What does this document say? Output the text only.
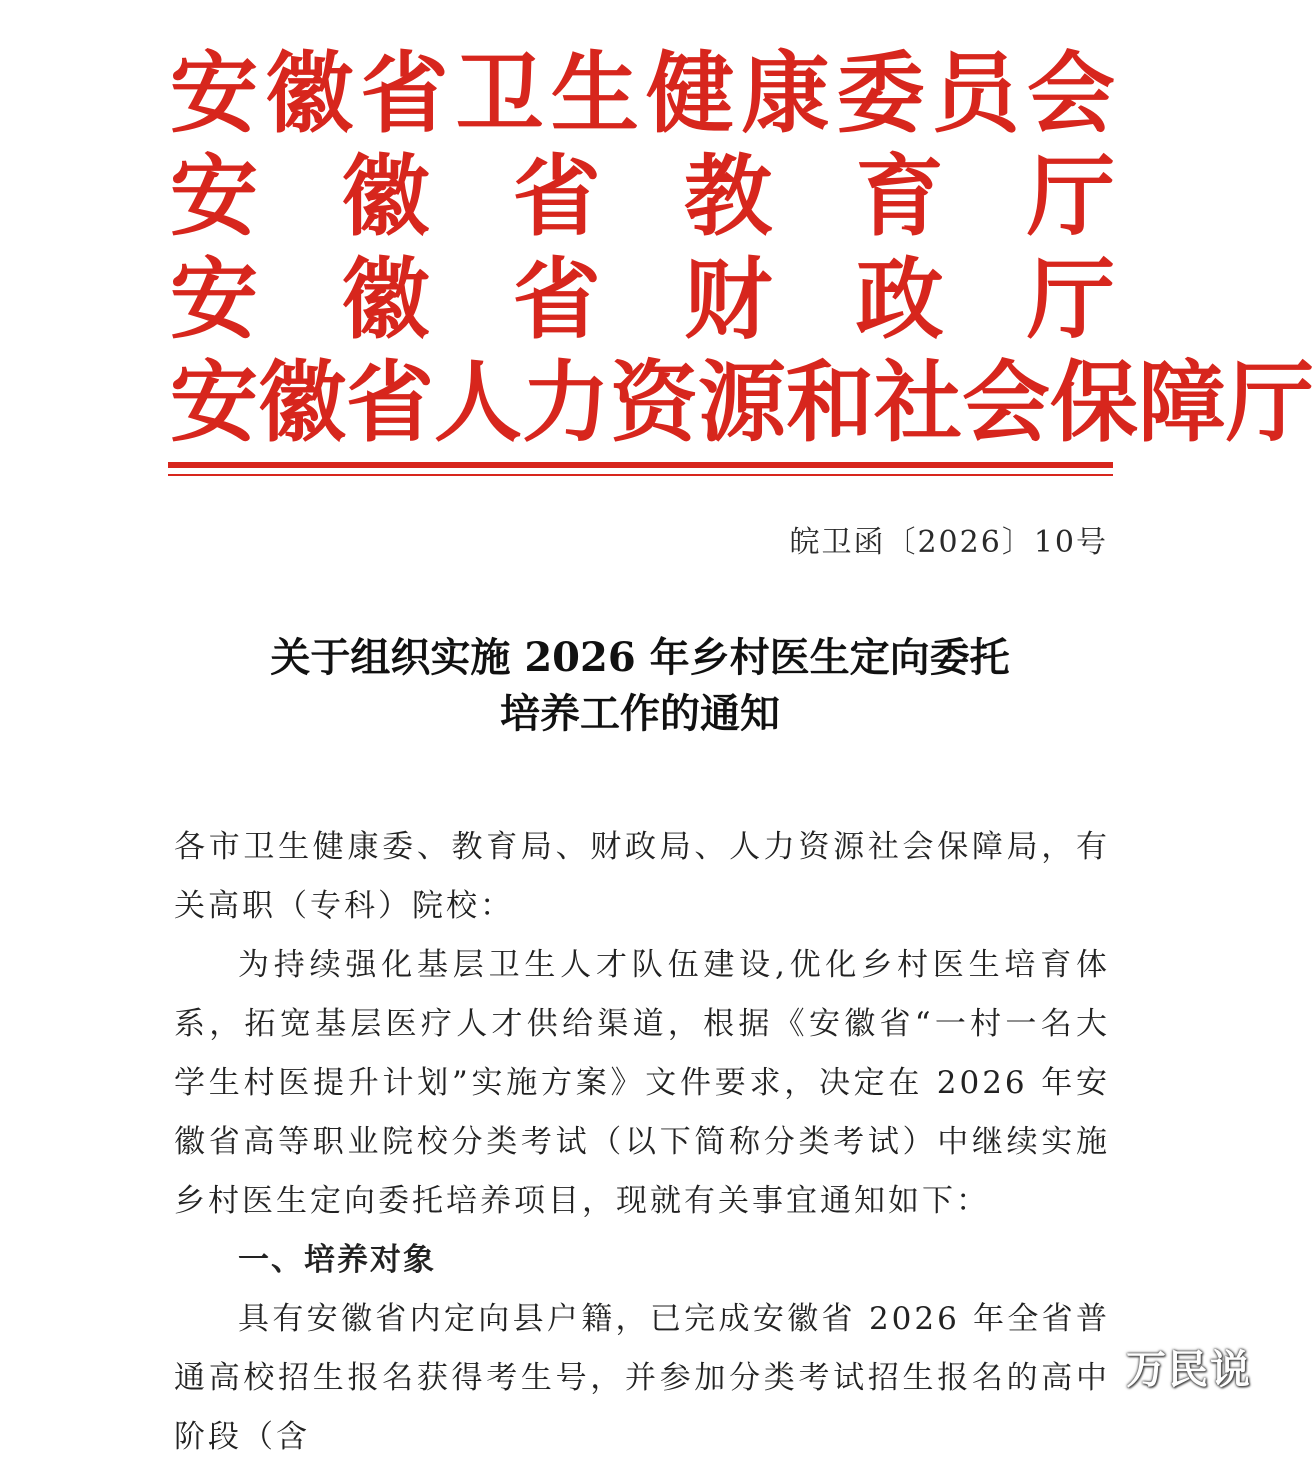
安 徽 省 卫 生 健 康 委 员 会
安 徽 省 教 育 厅
安 徽 省 财 政 厅
安 徽 省 人 力 资 源 和 社 会 保 障 厅
皖卫函〔2026〕10号
关于组织实施 2026 年乡村医生定向委托
培养工作的通知

各市卫生健康委、教育局、财政局、人力资源社会保障局，有关高职（专科）院校：

为持续强化基层卫生人才队伍建设,优化乡村医生培育体系，拓宽基层医疗人才供给渠道，根据《安徽省“一村一名大学生村医提升计划”实施方案》文件要求，决定在 2026 年安徽省高等职业院校分类考试（以下简称分类考试）中继续实施乡村医生定向委托培养项目，现就有关事宜通知如下：

一、培养对象

具有安徽省内定向县户籍，已完成安徽省 2026 年全省普通高校招生报名获得考生号，并参加分类考试招生报名的高中阶段（含

万民说
